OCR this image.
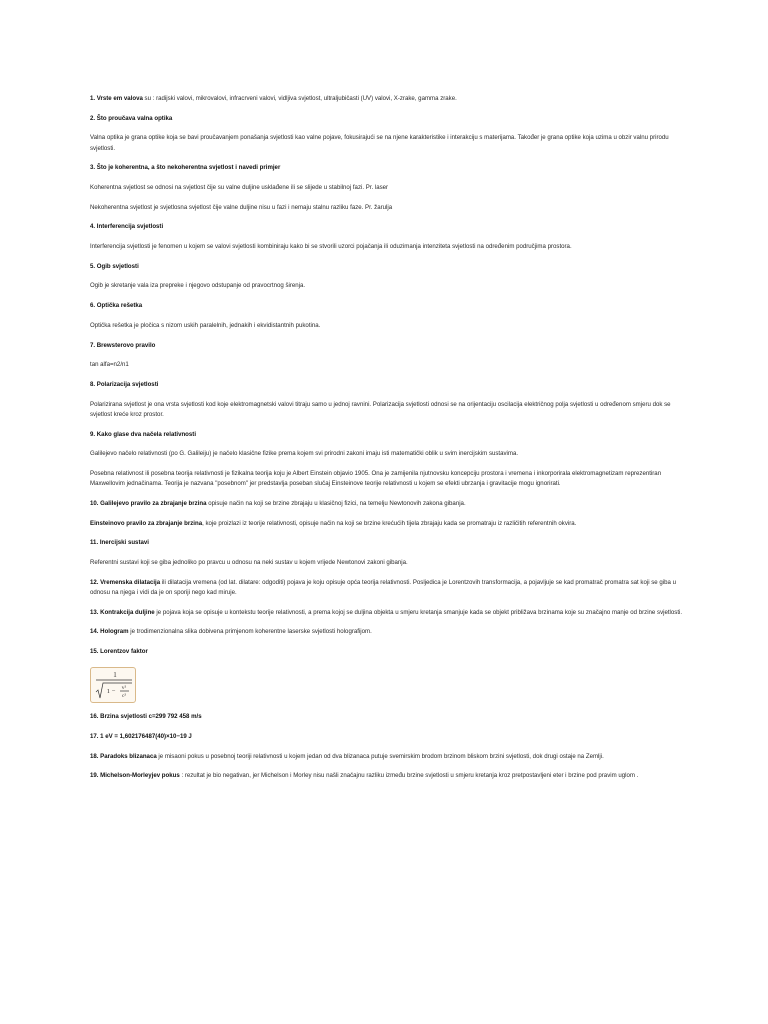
1. Vrste em valova su : radijski valovi, mikrovalovi, infracrveni valovi, vidljiva svjetlost, ultraljubičasti (UV) valovi, X-zrake, gamma zrake.
2. Što proučava valna optika
Valna optika je grana optike koja se bavi proučavanjem ponašanja svjetlosti kao valne pojave, fokusirajući se na njene karakteristike i interakciju s materijama. Također je grana optike koja uzima u obzir valnu prirodu svjetlosti.
3. Što je koherentna, a što nekoherentna svjetlost i navedi primjer
Koherentna svjetlost se odnosi na svjetlost čije su valne duljine usklađene ili se slijede u stabilnoj fazi. Pr. laser
Nekoherentna svjetlost je svjetlosna svjetlost čije valne duljine nisu u fazi i nemaju stalnu razliku faze. Pr. žarulja
4. Interferencija svjetlosti
Interferencija svjetlosti je fenomen u kojem se valovi svjetlosti kombiniraju kako bi se stvorili uzorci pojačanja ili oduzimanja intenziteta svjetlosti na određenim područjima prostora.
5. Ogib svjetlosti
Ogib je skretanje vala iza prepreke i njegovo odstupanje od pravocrtnog širenja.
6. Optička rešetka
Optička rešetka je pločica s nizom uskih paralelnih, jednakih i ekvidistantnih pukotina.
7. Brewsterovo pravilo
tan alfa=n2/n1
8. Polarizacija svjetlosti
Polarizirana svjetlost je ona vrsta svjetlosti kod koje elektromagnetski valovi titraju samo u jednoj ravnini. Polarizacija svjetlosti odnosi se na orijentaciju oscilacija električnog polja svjetlosti u određenom smjeru dok se svjetlost kreće kroz prostor.
9. Kako glase dva načela relativnosti
Galilejevo načelo relativnosti (po G. Galileiju) je načelo klasične fizike prema kojem svi prirodni zakoni imaju isti matematički oblik u svim inercijskim sustavima.
Posebna relativnost ili posebna teorija relativnosti je fizikalna teorija koju je Albert Einstein objavio 1905. Ona je zamijenila njutnovsku koncepciju prostora i vremena i inkorporirala elektromagnetizam reprezentiran Maxwellovim jednačinama. Teorija je nazvana "posebnom" jer predstavlja poseban slučaj Einsteinove teorije relativnosti u kojem se efekti ubrzanja i gravitacije mogu ignorirati.
10. Galilejevo pravilo za zbrajanje brzina opisuje način na koji se brzine zbrajaju u klasičnoj fizici, na temelju Newtonovih zakona gibanja.
Einsteinovo pravilo za zbrajanje brzina, koje proizlazi iz teorije relativnosti, opisuje način na koji se brzine krećućih tijela zbrajaju kada se promatraju iz različitih referentnih okvira.
11. Inercijski sustavi
Referentni sustavi koji se giba jednoliko po pravcu u odnosu na neki sustav u kojem vrijede Newtonovi zakoni gibanja.
12. Vremenska dilatacija ili dilatacija vremena (od lat. dilatare: odgoditi) pojava je koju opisuje opća teorija relativnosti. Posljedica je Lorentzovih transformacija, a pojavljuje se kad promatrač promatra sat koji se giba u odnosu na njega i vidi da je on sporiji nego kad miruje.
13. Kontrakcija duljine je pojava koja se opisuje u kontekstu teorije relativnosti, a prema kojoj se duljina objekta u smjeru kretanja smanjuje kada se objekt približava brzinama koje su značajno manje od brzine svjetlosti.
14. Hologram je trodimenzionalna slika dobivena primjenom koherentne laserske svjetlosti holografijom.
15. Lorentzov faktor
1
1 − v²
c²
16. Brzina svjetlosti c=299 792 458 m/s
17. 1 eV = 1,602176487(40)×10−19 J
18. Paradoks blizanaca je misaoni pokus u posebnoj teoriji relativnosti u kojem jedan od dva blizanaca putuje svemirskim brodom brzinom bliskom brzini svjetlosti, dok drugi ostaje na Zemlji.
19. Michelson-Morleyjev pokus : rezultat je bio negativan, jer Michelson i Morley nisu našli značajnu razliku između brzine svjetlosti u smjeru kretanja kroz pretpostavljeni eter i brzine pod pravim uglom .
